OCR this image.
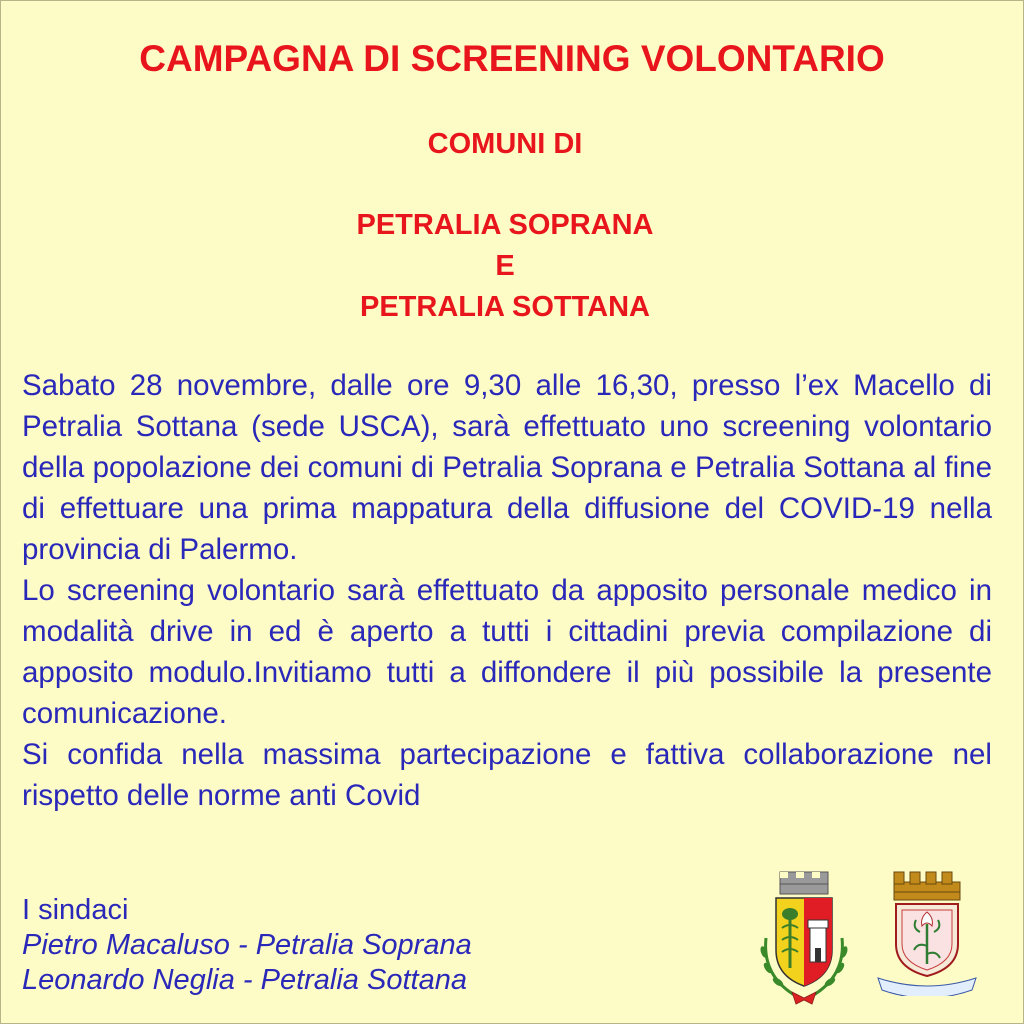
CAMPAGNA DI SCREENING VOLONTARIO
COMUNI DI
PETRALIA SOPRANA
E
PETRALIA SOTTANA

Sabato 28 novembre, dalle ore 9,30 alle 16,30, presso l’ex Macello di Petralia Sottana (sede USCA), sarà effettuato uno screening volontario della popolazione dei comuni di Petralia Soprana e Petralia Sottana al fine di effettuare una prima mappatura della diffusione del COVID-19 nella provincia di Palermo.

Lo screening volontario sarà effettuato da apposito personale medico in modalità drive in ed è aperto a tutti i cittadini previa compilazione di apposito modulo.Invitiamo tutti a diffondere il più possibile la presente comunicazione.

Si confida nella massima partecipazione e fattiva collaborazione nel rispetto delle norme anti Covid

I sindaci
Pietro Macaluso - Petralia Soprana
Leonardo Neglia - Petralia Sottana
